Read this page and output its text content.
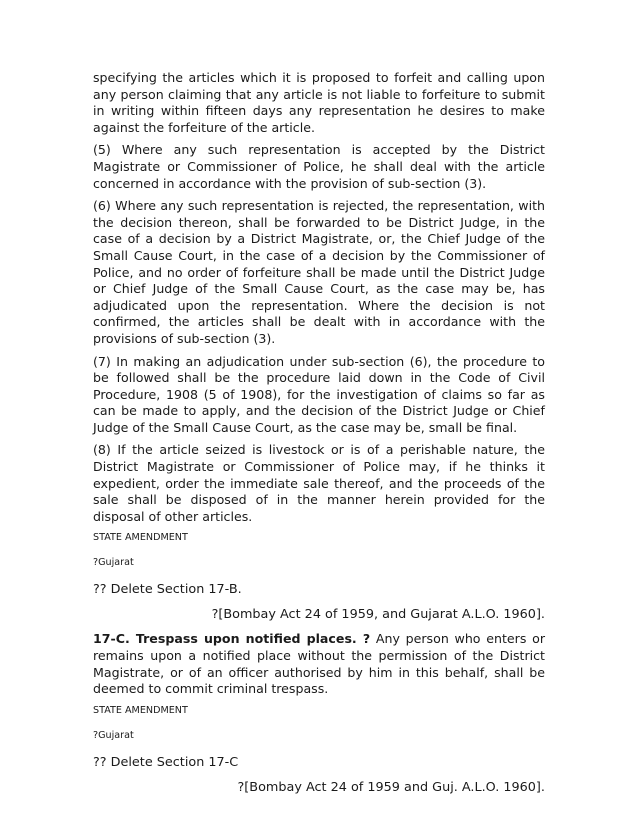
specifying the articles which it is proposed to forfeit and calling upon any person claiming that any article is not liable to forfeiture to submit in writing within fifteen days any representation he desires to make against the forfeiture of the article.

(5) Where any such representation is accepted by the District Magistrate or Commissioner of Police, he shall deal with the article concerned in accordance with the provision of sub-section (3).

(6) Where any such representation is rejected, the representation, with the decision thereon, shall be forwarded to be District Judge, in the case of a decision by a District Magistrate, or, the Chief Judge of the Small Cause Court, in the case of a decision by the Commissioner of Police, and no order of forfeiture shall be made until the District Judge or Chief Judge of the Small Cause Court, as the case may be, has adjudicated upon the representation. Where the decision is not confirmed, the articles shall be dealt with in accordance with the provisions of sub-section (3).

(7) In making an adjudication under sub-section (6), the procedure to be followed shall be the procedure laid down in the Code of Civil Procedure, 1908 (5 of 1908), for the investigation of claims so far as can be made to apply, and the decision of the District Judge or Chief Judge of the Small Cause Court, as the case may be, small be final.

(8) If the article seized is livestock or is of a perishable nature, the District Magistrate or Commissioner of Police may, if he thinks it expedient, order the immediate sale thereof, and the proceeds of the sale shall be disposed of in the manner herein provided for the disposal of other articles.

STATE AMENDMENT

?Gujarat

?? Delete Section 17-B.

?[Bombay Act 24 of 1959, and Gujarat A.L.O. 1960].

17-C. Trespass upon notified places. ? Any person who enters or remains upon a notified place without the permission of the District Magistrate, or of an officer authorised by him in this behalf, shall be deemed to commit criminal trespass.

STATE AMENDMENT

?Gujarat

?? Delete Section 17-C

?[Bombay Act 24 of 1959 and Guj. A.L.O. 1960].
